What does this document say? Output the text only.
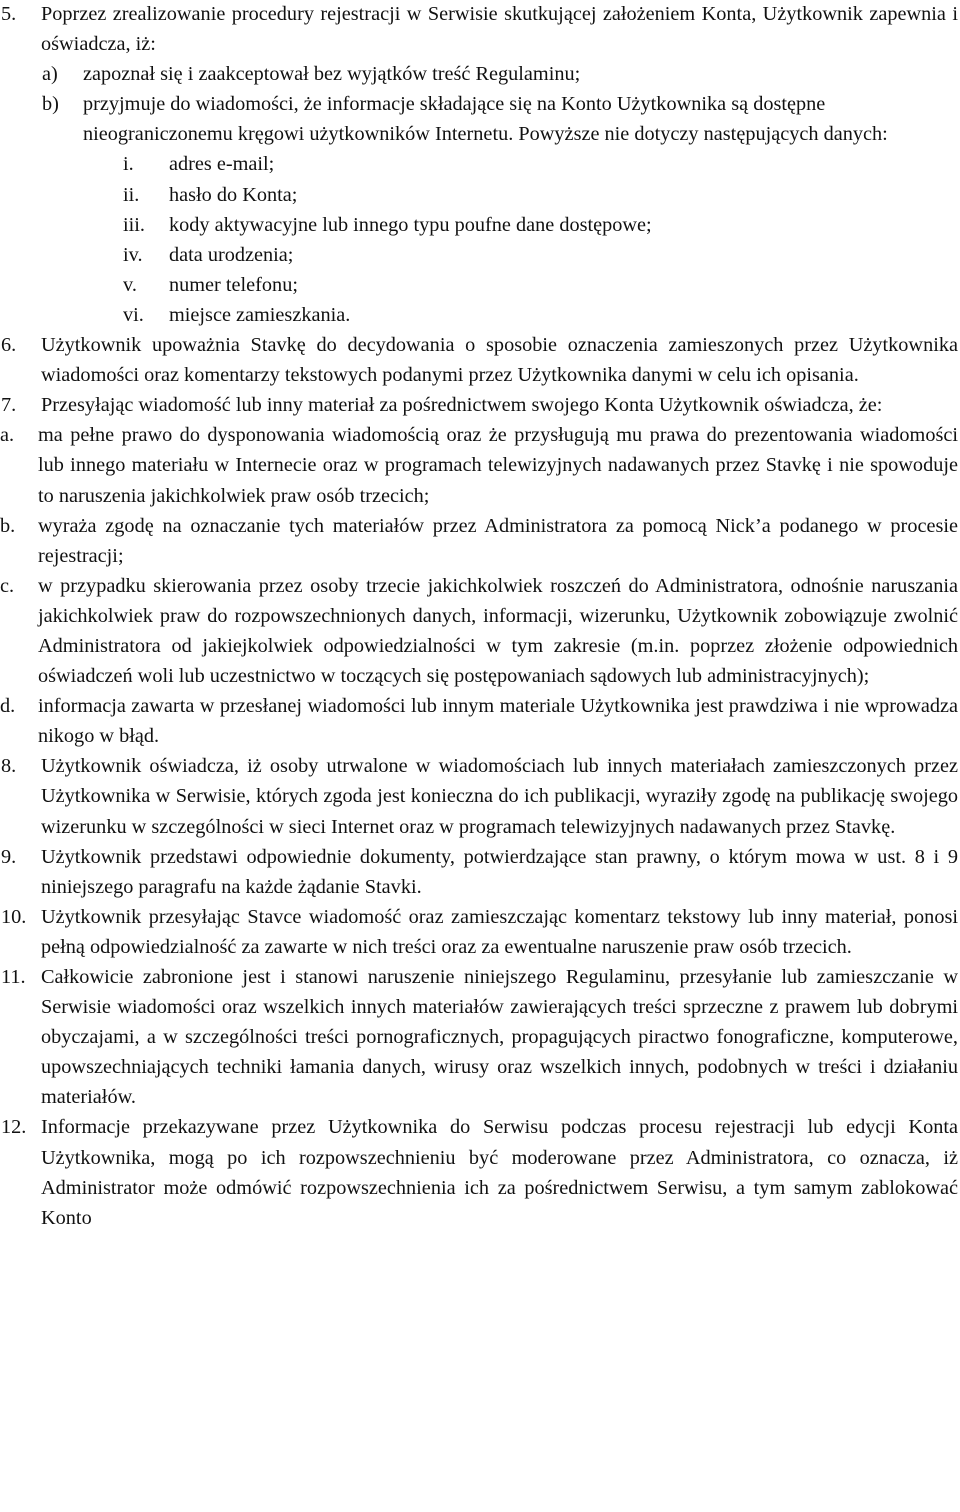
5.	Poprzez zrealizowanie procedury rejestracji w Serwisie skutkującej założeniem Konta, Użytkownik zapewnia i oświadcza, iż:

a)	zapoznał się i zaakceptował bez wyjątków treść Regulaminu;

b)	przyjmuje do wiadomości, że informacje składające się na Konto Użytkownika są dostępne nieograniczonemu kręgowi użytkowników Internetu. Powyższe nie dotyczy następujących danych:

i.	adres e-mail;
ii.	hasło do Konta;
iii.	kody aktywacyjne lub innego typu poufne dane dostępowe;
iv.	data urodzenia;
v.	numer telefonu;
vi.	miejsce zamieszkania.
6.	Użytkownik upoważnia Stavkę do decydowania o sposobie oznaczenia zamieszonych przez Użytkownika wiadomości oraz komentarzy tekstowych podanymi przez Użytkownika danymi w celu ich opisania.

7.	Przesyłając wiadomość lub inny materiał za pośrednictwem swojego Konta Użytkownik oświadcza, że:

a.	ma pełne prawo do dysponowania wiadomością oraz że przysługują mu prawa do prezentowania wiadomości lub innego materiału w Internecie oraz w programach telewizyjnych nadawanych przez Stavkę i nie spowoduje to naruszenia jakichkolwiek praw osób trzecich;

b.	wyraża zgodę na oznaczanie tych materiałów przez Administratora za pomocą Nick’a podanego w procesie rejestracji;

c.	w przypadku skierowania przez osoby trzecie jakichkolwiek roszczeń do Administratora, odnośnie naruszania jakichkolwiek praw do rozpowszechnionych danych, informacji, wizerunku, Użytkownik zobowiązuje zwolnić Administratora od jakiejkolwiek odpowiedzialności w tym zakresie (m.in. poprzez złożenie odpowiednich oświadczeń woli lub uczestnictwo w toczących się postępowaniach sądowych lub administracyjnych);

d.	informacja zawarta w przesłanej wiadomości lub innym materiale Użytkownika jest prawdziwa i nie wprowadza nikogo w błąd.

8.	Użytkownik oświadcza, iż osoby utrwalone w wiadomościach lub innych materiałach zamieszczonych przez Użytkownika w Serwisie, których zgoda jest konieczna do ich publikacji, wyraziły zgodę na publikację swojego wizerunku w szczególności w sieci Internet oraz w programach telewizyjnych nadawanych przez Stavkę.

9.	Użytkownik przedstawi odpowiednie dokumenty, potwierdzające stan prawny, o którym mowa w ust. 8 i 9 niniejszego paragrafu na każde żądanie Stavki.

10. Użytkownik przesyłając Stavce wiadomość oraz zamieszczając komentarz tekstowy lub inny materiał, ponosi pełną odpowiedzialność za zawarte w nich treści oraz za ewentualne naruszenie praw osób trzecich.

11. Całkowicie zabronione jest i stanowi naruszenie niniejszego Regulaminu, przesyłanie lub zamieszczanie w Serwisie wiadomości oraz wszelkich innych materiałów zawierających treści sprzeczne z prawem lub dobrymi obyczajami, a w szczególności treści pornograficznych, propagujących piractwo fonograficzne, komputerowe, upowszechniających techniki łamania danych, wirusy oraz wszelkich innych, podobnych w treści i działaniu materiałów.

12. Informacje przekazywane przez Użytkownika do Serwisu podczas procesu rejestracji lub edycji Konta Użytkownika, mogą po ich rozpowszechnieniu być moderowane przez Administratora, co oznacza, iż Administrator może odmówić rozpowszechnienia ich za pośrednictwem Serwisu, a tym samym zablokować Konto
